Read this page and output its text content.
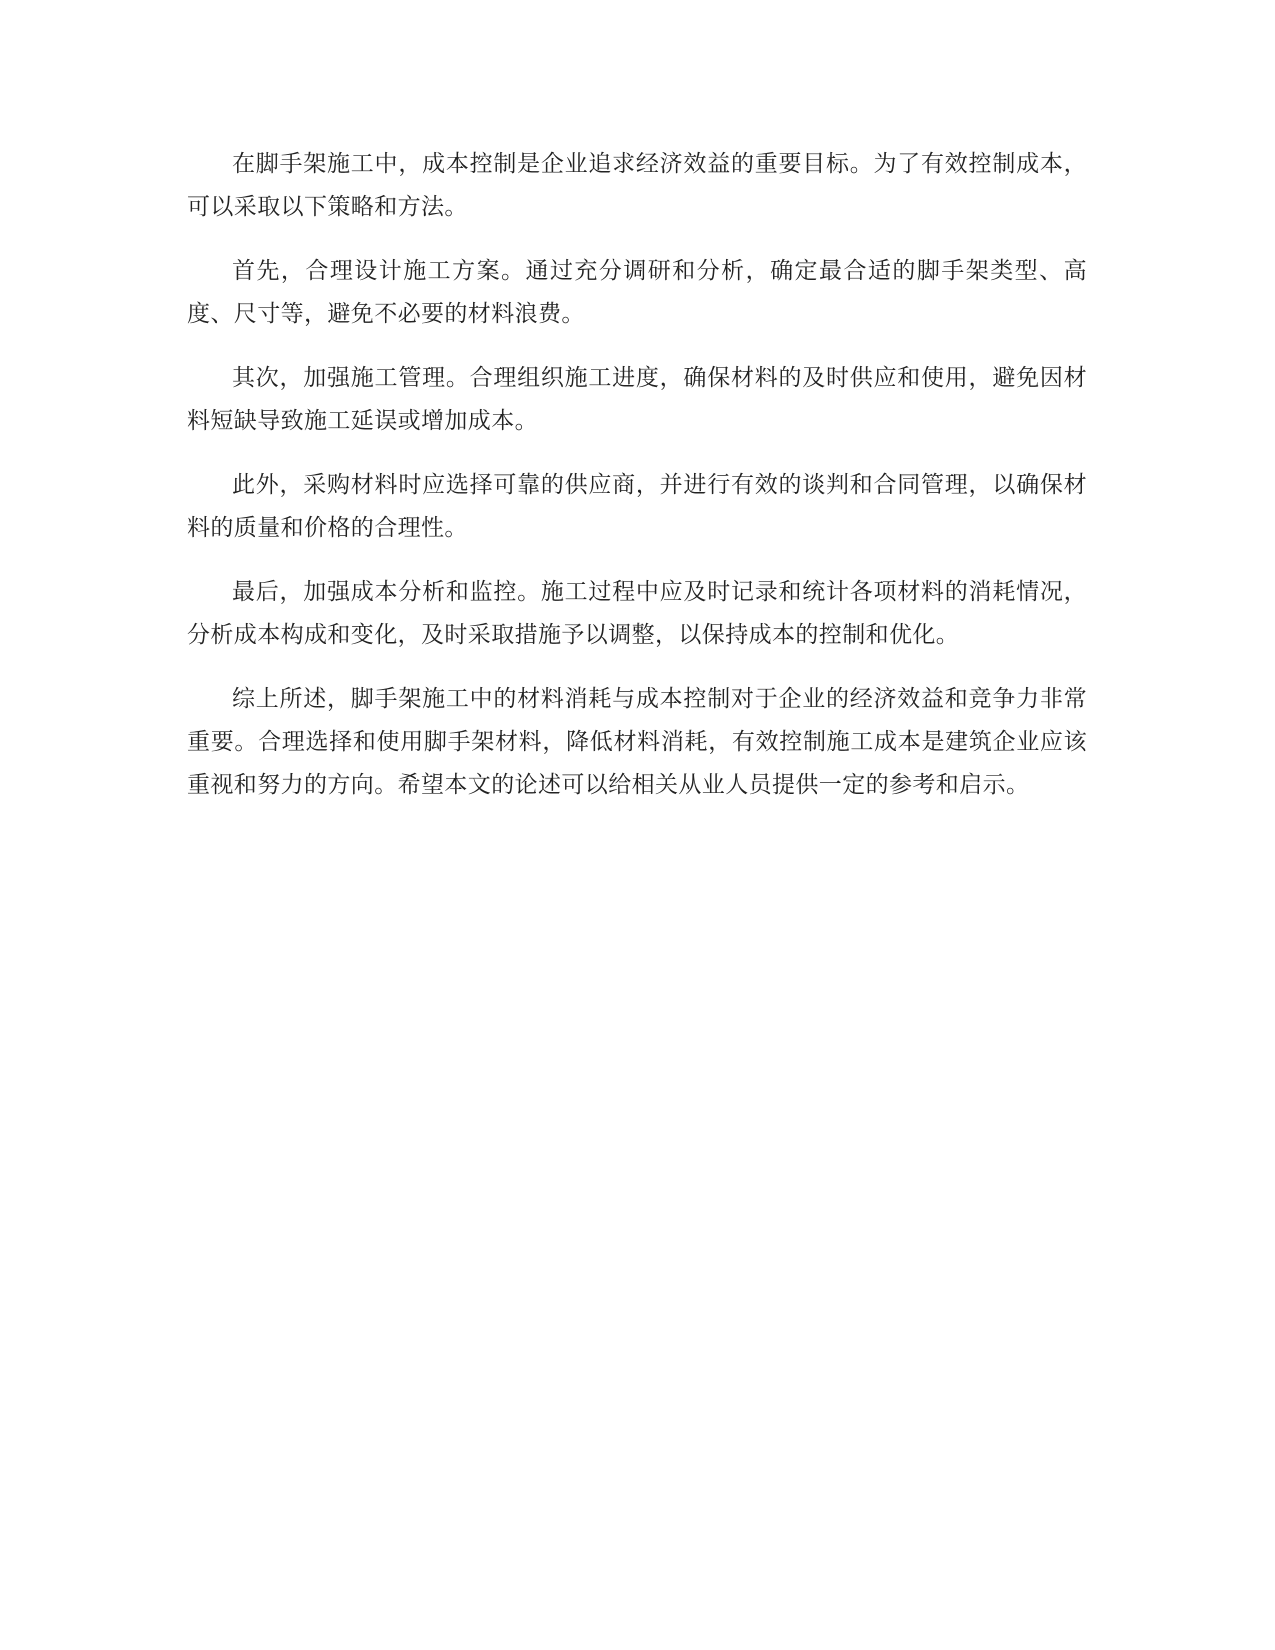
在脚手架施工中，成本控制是企业追求经济效益的重要目标。为了有效控制成本，可以采取以下策略和方法。

首先，合理设计施工方案。通过充分调研和分析，确定最合适的脚手架类型、高度、尺寸等，避免不必要的材料浪费。

其次，加强施工管理。合理组织施工进度，确保材料的及时供应和使用，避免因材料短缺导致施工延误或增加成本。

此外，采购材料时应选择可靠的供应商，并进行有效的谈判和合同管理，以确保材料的质量和价格的合理性。

最后，加强成本分析和监控。施工过程中应及时记录和统计各项材料的消耗情况，分析成本构成和变化，及时采取措施予以调整，以保持成本的控制和优化。

综上所述，脚手架施工中的材料消耗与成本控制对于企业的经济效益和竞争力非常重要。合理选择和使用脚手架材料，降低材料消耗，有效控制施工成本是建筑企业应该重视和努力的方向。希望本文的论述可以给相关从业人员提供一定的参考和启示。
